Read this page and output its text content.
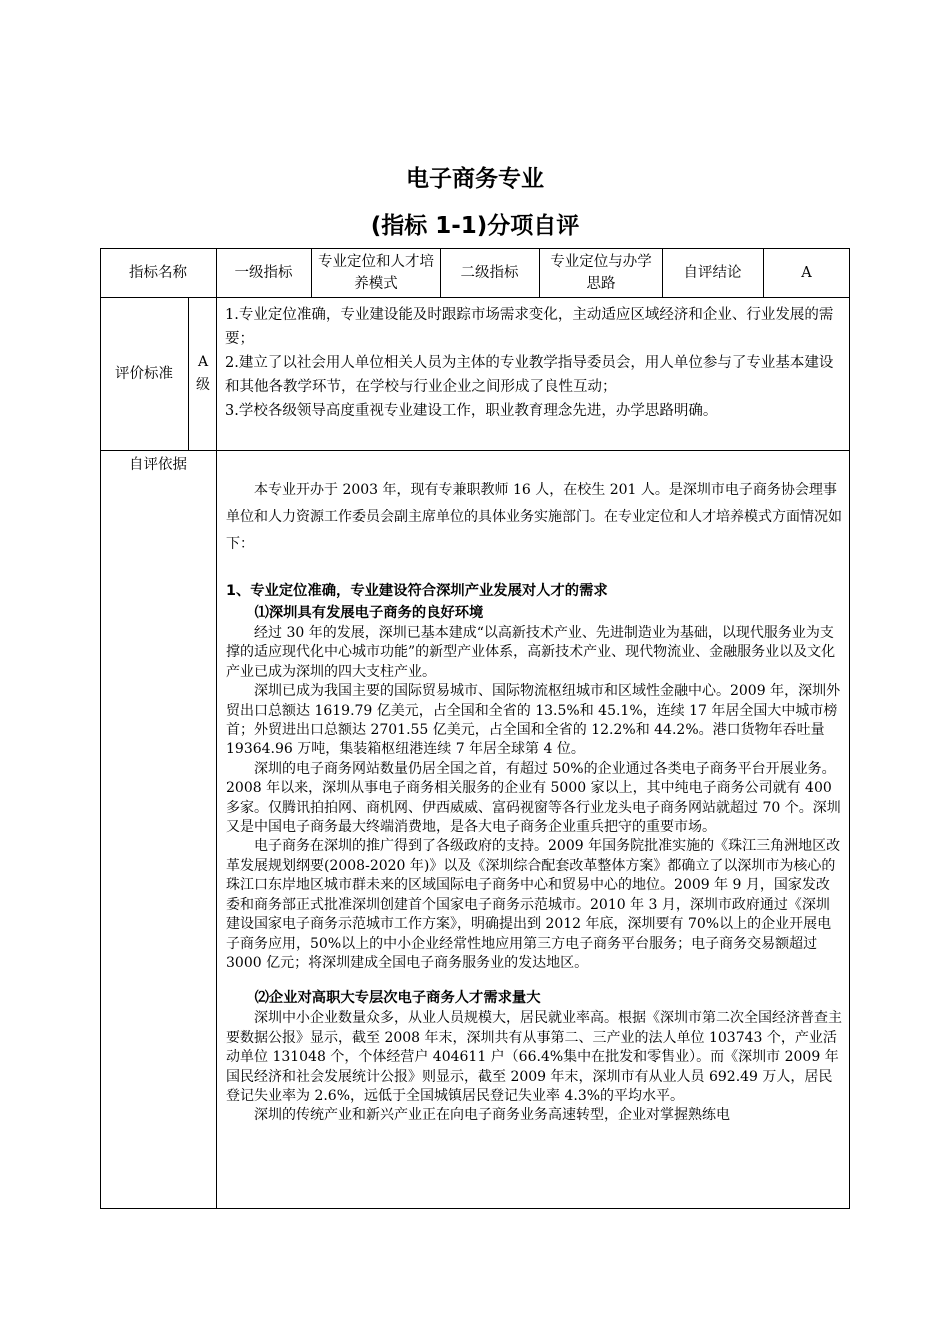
电子商务专业
(指标 1-1)分项自评
指标名称	一级指标
专业定位和人才培养模式
二级指标
专业定位与办学思路
自评结论	A
评价标准
A级

1.专业定位准确，专业建设能及时跟踪市场需求变化，主动适应区域经济和企业、行业发展的需要；

2.建立了以社会用人单位相关人员为主体的专业教学指导委员会，用人单位参与了专业基本建设和其他各教学环节，在学校与行业企业之间形成了良性互动；

3.学校各级领导高度重视专业建设工作，职业教育理念先进，办学思路明确。

自评依据

本专业开办于 2003 年，现有专兼职教师 16 人，在校生 201 人。是深圳市电子商务协会理事单位和人力资源工作委员会副主席单位的具体业务实施部门。在专业定位和人才培养模式方面情况如下：

1、专业定位准确，专业建设符合深圳产业发展对人才的需求
⑴深圳具有发展电子商务的良好环境

经过 30 年的发展，深圳已基本建成“以高新技术产业、先进制造业为基础，以现代服务业为支撑的适应现代化中心城市功能”的新型产业体系，高新技术产业、现代物流业、金融服务业以及文化产业已成为深圳的四大支柱产业。

深圳已成为我国主要的国际贸易城市、国际物流枢纽城市和区域性金融中心。2009 年，深圳外贸出口总额达 1619.79 亿美元，占全国和全省的 13.5%和 45.1%，连续 17 年居全国大中城市榜首；外贸进出口总额达 2701.55 亿美元，占全国和全省的 12.2%和 44.2%。港口货物年吞吐量 19364.96 万吨，集装箱枢纽港连续 7 年居全球第 4 位。

深圳的电子商务网站数量仍居全国之首，有超过 50%的企业通过各类电子商务平台开展业务。2008 年以来，深圳从事电子商务相关服务的企业有 5000 家以上，其中纯电子商务公司就有 400 多家。仅腾讯拍拍网、商机网、伊西威威、富码视窗等各行业龙头电子商务网站就超过 70 个。深圳又是中国电子商务最大终端消费地，是各大电子商务企业重兵把守的重要市场。

电子商务在深圳的推广得到了各级政府的支持。2009 年国务院批准实施的《珠江三角洲地区改革发展规划纲要(2008-2020 年)》以及《深圳综合配套改革整体方案》都确立了以深圳市为核心的珠江口东岸地区城市群未来的区域国际电子商务中心和贸易中心的地位。2009 年 9 月，国家发改委和商务部正式批准深圳创建首个国家电子商务示范城市。2010 年 3 月，深圳市政府通过《深圳建设国家电子商务示范城市工作方案》，明确提出到 2012 年底，深圳要有 70%以上的企业开展电子商务应用，50%以上的中小企业经常性地应用第三方电子商务平台服务；电子商务交易额超过 3000 亿元；将深圳建成全国电子商务服务业的发达地区。

⑵企业对高职大专层次电子商务人才需求量大

深圳中小企业数量众多，从业人员规模大，居民就业率高。根据《深圳市第二次全国经济普查主要数据公报》显示，截至 2008 年末，深圳共有从事第二、三产业的法人单位 103743 个，产业活动单位 131048 个，个体经营户 404611 户（66.4%集中在批发和零售业）。而《深圳市 2009 年国民经济和社会发展统计公报》则显示，截至 2009 年末，深圳市有从业人员 692.49 万人，居民登记失业率为 2.6%，远低于全国城镇居民登记失业率 4.3%的平均水平。

深圳的传统产业和新兴产业正在向电子商务业务高速转型，企业对掌握熟练电
